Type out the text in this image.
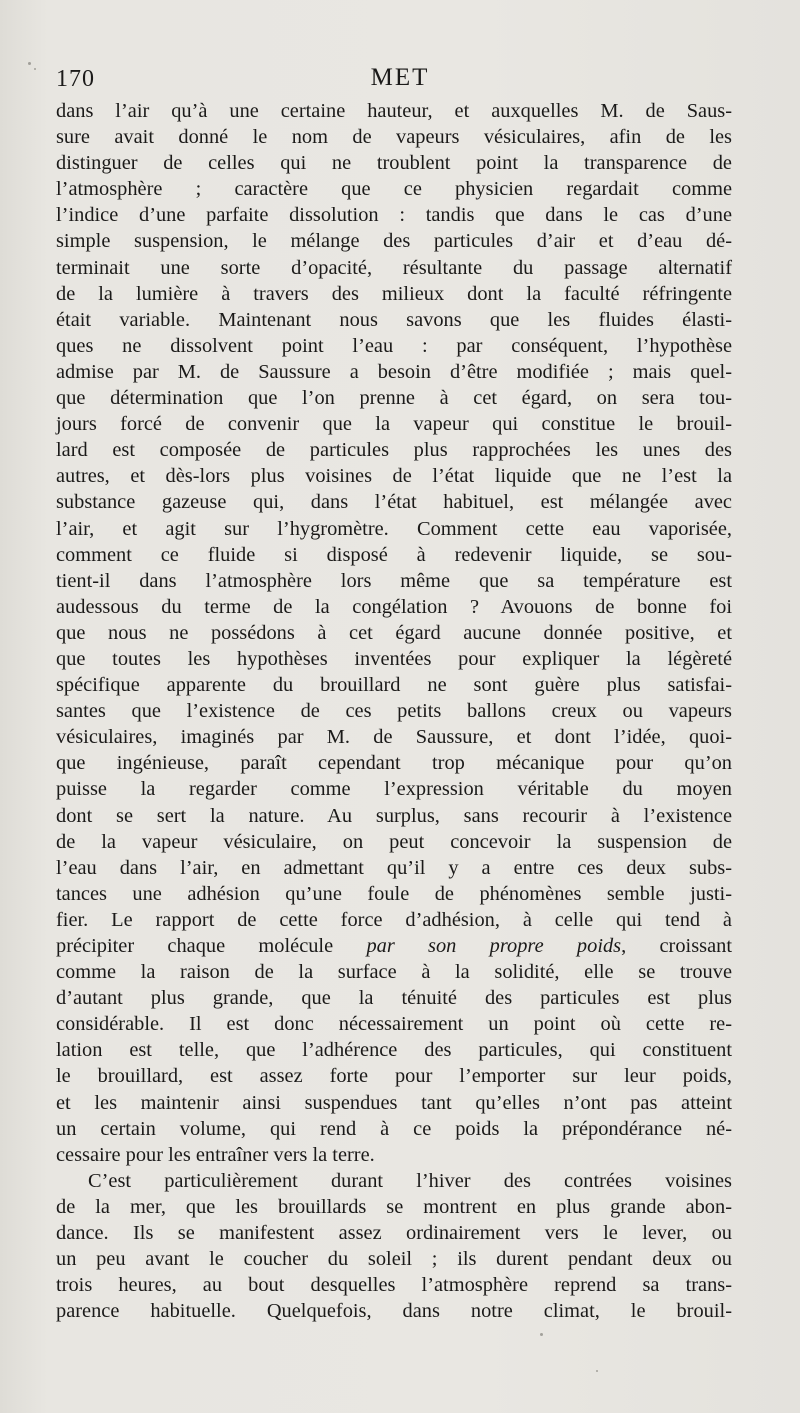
170	MET
dans l’air qu’à une certaine hauteur, et auxquelles M. de Saus-
sure avait donné le nom de vapeurs vésiculaires, afin de les
distinguer de celles qui ne troublent point la transparence de
l’atmosphère ; caractère que ce physicien regardait comme
l’indice d’une parfaite dissolution : tandis que dans le cas d’une
simple suspension, le mélange des particules d’air et d’eau dé-
terminait une sorte d’opacité, résultante du passage alternatif
de la lumière à travers des milieux dont la faculté réfringente
était variable. Maintenant nous savons que les fluides élasti-
ques ne dissolvent point l’eau : par conséquent, l’hypothèse
admise par M. de Saussure a besoin d’être modifiée ; mais quel-
que détermination que l’on prenne à cet égard, on sera tou-
jours forcé de convenir que la vapeur qui constitue le brouil-
lard est composée de particules plus rapprochées les unes des
autres, et dès-lors plus voisines de l’état liquide que ne l’est la
substance gazeuse qui, dans l’état habituel, est mélangée avec
l’air, et agit sur l’hygromètre. Comment cette eau vaporisée,
comment ce fluide si disposé à redevenir liquide, se sou-
tient-il dans l’atmosphère lors même que sa température est
audessous du terme de la congélation ? Avouons de bonne foi
que nous ne possédons à cet égard aucune donnée positive, et
que toutes les hypothèses inventées pour expliquer la légèreté
spécifique apparente du brouillard ne sont guère plus satisfai-
santes que l’existence de ces petits ballons creux ou vapeurs
vésiculaires, imaginés par M. de Saussure, et dont l’idée, quoi-
que ingénieuse, paraît cependant trop mécanique pour qu’on
puisse la regarder comme l’expression véritable du moyen
dont se sert la nature. Au surplus, sans recourir à l’existence
de la vapeur vésiculaire, on peut concevoir la suspension de
l’eau dans l’air, en admettant qu’il y a entre ces deux subs-
tances une adhésion qu’une foule de phénomènes semble justi-
fier. Le rapport de cette force d’adhésion, à celle qui tend à
précipiter chaque molécule par son propre poids, croissant
comme la raison de la surface à la solidité, elle se trouve
d’autant plus grande, que la ténuité des particules est plus
considérable. Il est donc nécessairement un point où cette re-
lation est telle, que l’adhérence des particules, qui constituent
le brouillard, est assez forte pour l’emporter sur leur poids,
et les maintenir ainsi suspendues tant qu’elles n’ont pas atteint
un certain volume, qui rend à ce poids la prépondérance né-
cessaire pour les entraîner vers la terre.
C’est particulièrement durant l’hiver des contrées voisines
de la mer, que les brouillards se montrent en plus grande abon-
dance. Ils se manifestent assez ordinairement vers le lever, ou
un peu avant le coucher du soleil ; ils durent pendant deux ou
trois heures, au bout desquelles l’atmosphère reprend sa trans-
parence habituelle. Quelquefois, dans notre climat, le brouil-
